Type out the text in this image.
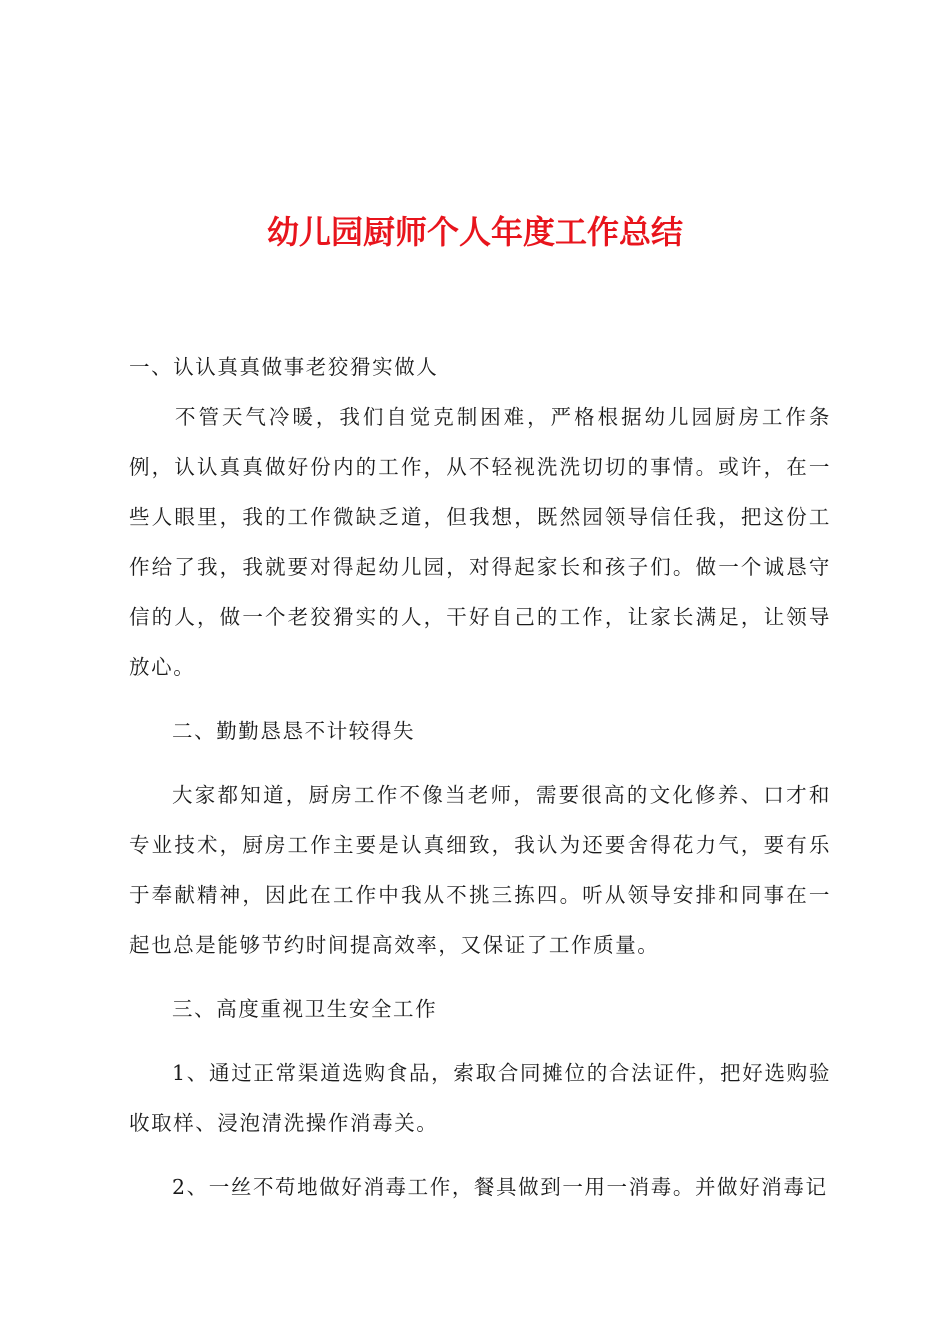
幼儿园厨师个人年度工作总结

一、认认真真做事老狡猾实做人

不管天气冷暖，我们自觉克制困难，严格根据幼儿园厨房工作条例，认认真真做好份内的工作，从不轻视洗洗切切的事情。或许，在一些人眼里，我的工作微缺乏道，但我想，既然园领导信任我，把这份工作给了我，我就要对得起幼儿园，对得起家长和孩子们。做一个诚恳守信的人，做一个老狡猾实的人，干好自己的工作，让家长满足，让领导放心。

二、勤勤恳恳不计较得失

大家都知道，厨房工作不像当老师，需要很高的文化修养、口才和专业技术，厨房工作主要是认真细致，我认为还要舍得花力气，要有乐于奉献精神，因此在工作中我从不挑三拣四。听从领导安排和同事在一起也总是能够节约时间提高效率，又保证了工作质量。

三、高度重视卫生安全工作

1、通过正常渠道选购食品，索取合同摊位的合法证件，把好选购验收取样、浸泡清洗操作消毒关。

2、一丝不苟地做好消毒工作，餐具做到一用一消毒。并做好消毒记
